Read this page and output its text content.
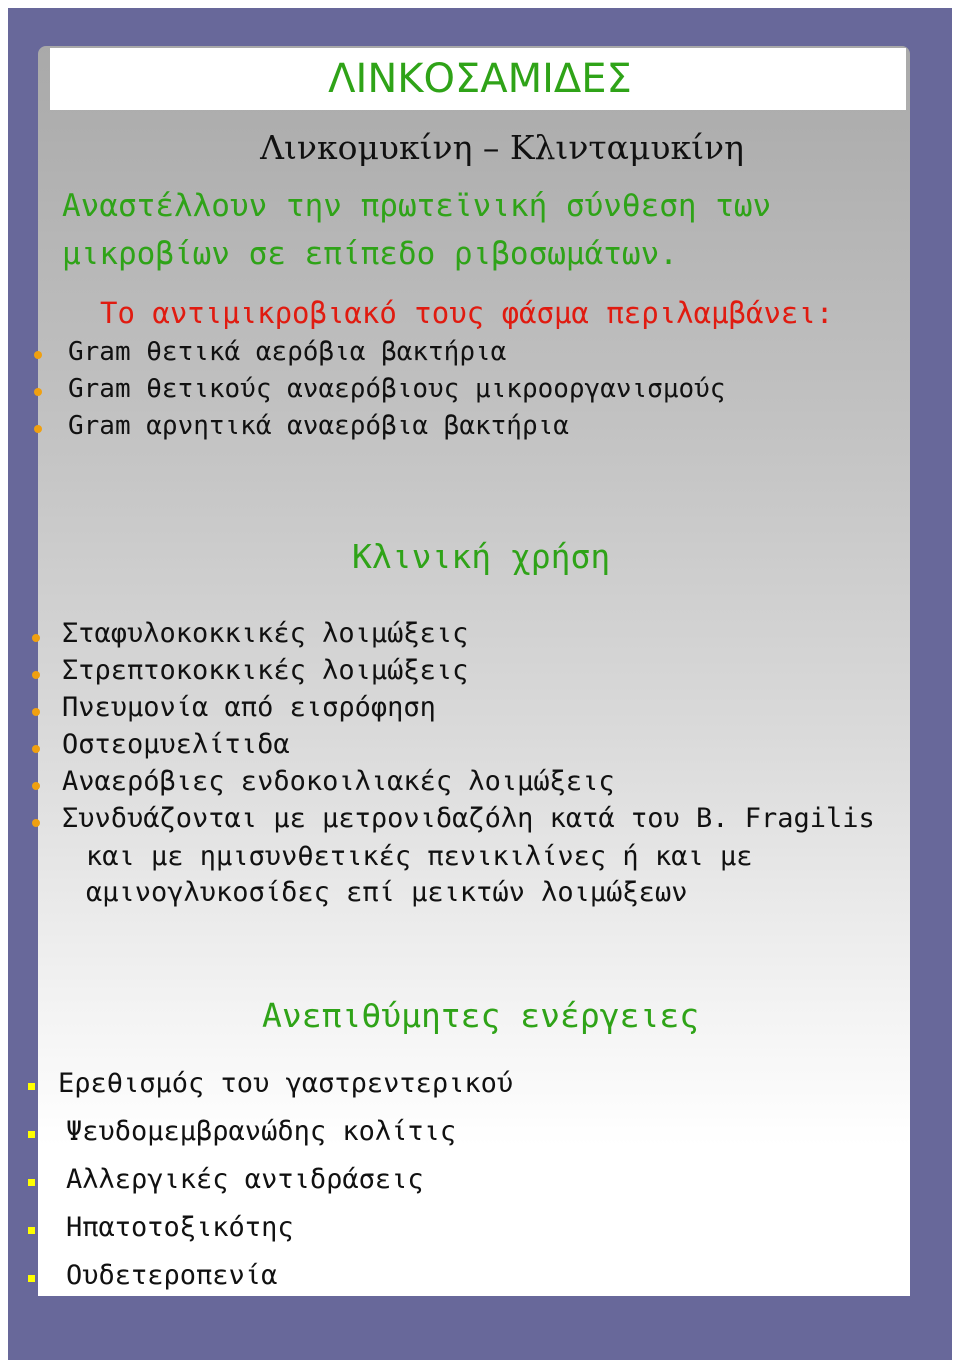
ΛΙΝΚΟΣΑΜΙΔΕΣ
Λινκομυκίνη – Κλινταμυκίνη
Αναστέλλουν την πρωτεϊνική σύνθεση των
μικροβίων σε επίπεδο ριβοσωμάτων.
Το αντιμικροβιακό τους φάσμα περιλαμβάνει:
Gram θετικά αερόβια βακτήρια
Gram θετικούς αναερόβιους μικροοργανισμούς
Gram αρνητικά αναερόβια βακτήρια
Κλινική χρήση
Σταφυλοκοκκικές λοιμώξεις
Στρεπτοκοκκικές λοιμώξεις
Πνευμονία από εισρόφηση
Οστεομυελίτιδα
Αναερόβιες ενδοκοιλιακές λοιμώξεις
Συνδυάζονται με μετρονιδαζόλη κατά του B. Fragilis
και με ημισυνθετικές πενικιλίνες ή και με
αμινογλυκοσίδες επί μεικτών λοιμώξεων
Ανεπιθύμητες ενέργειες
Ερεθισμός του γαστρεντερικού
Ψευδομεμβρανώδης κολίτις
Αλλεργικές αντιδράσεις
Ηπατοτοξικότης
Ουδετεροπενία
